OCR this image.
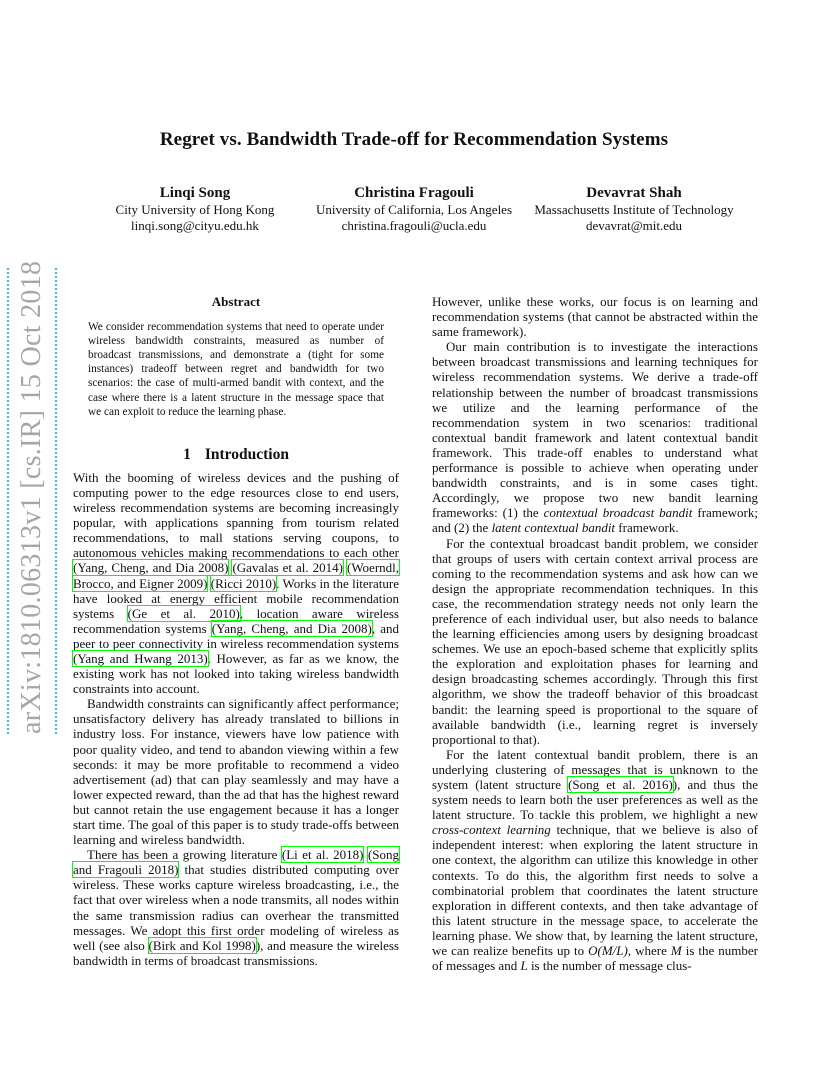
arXiv:1810.06313v1 [cs.IR] 15 Oct 2018
Regret vs. Bandwidth Trade-off for Recommendation Systems
Linqi Song
City University of Hong Kong
linqi.song@cityu.edu.hk
Christina Fragouli
University of California, Los Angeles
christina.fragouli@ucla.edu
Devavrat Shah
Massachusetts Institute of Technology
devavrat@mit.edu
Abstract
We consider recommendation systems that need to operate under wireless bandwidth constraints, measured as number of broadcast transmissions, and demonstrate a (tight for some instances) tradeoff between regret and bandwidth for two scenarios: the case of multi-armed bandit with context, and the case where there is a latent structure in the message space that we can exploit to reduce the learning phase.
1 Introduction

With the booming of wireless devices and the pushing of computing power to the edge resources close to end users, wireless recommendation systems are becoming increasingly popular, with applications spanning from tourism related recommendations, to mall stations serving coupons, to autonomous vehicles making recommendations to each other (Yang, Cheng, and Dia 2008) (Gavalas et al. 2014) (Woerndl, Brocco, and Eigner 2009) (Ricci 2010). Works in the literature have looked at energy efficient mobile recommendation systems (Ge et al. 2010), location aware wireless recommendation systems (Yang, Cheng, and Dia 2008), and peer to peer connectivity in wireless recommendation systems (Yang and Hwang 2013). However, as far as we know, the existing work has not looked into taking wireless bandwidth constraints into account.

Bandwidth constraints can significantly affect performance; unsatisfactory delivery has already translated to billions in industry loss. For instance, viewers have low patience with poor quality video, and tend to abandon viewing within a few seconds: it may be more profitable to recommend a video advertisement (ad) that can play seamlessly and may have a lower expected reward, than the ad that has the highest reward but cannot retain the use engagement because it has a longer start time. The goal of this paper is to study trade-offs between learning and wireless bandwidth.

There has been a growing literature (Li et al. 2018) (Song and Fragouli 2018) that studies distributed computing over wireless. These works capture wireless broadcasting, i.e., the fact that over wireless when a node transmits, all nodes within the same transmission radius can overhear the transmitted messages. We adopt this first order modeling of wireless as well (see also (Birk and Kol 1998)), and measure the wireless bandwidth in terms of broadcast transmissions.

However, unlike these works, our focus is on learning and recommendation systems (that cannot be abstracted within the same framework).

Our main contribution is to investigate the interactions between broadcast transmissions and learning techniques for wireless recommendation systems. We derive a trade-off relationship between the number of broadcast transmissions we utilize and the learning performance of the recommendation system in two scenarios: traditional contextual bandit framework and latent contextual bandit framework. This trade-off enables to understand what performance is possible to achieve when operating under bandwidth constraints, and is in some cases tight. Accordingly, we propose two new bandit learning frameworks: (1) the contextual broadcast bandit framework; and (2) the latent contextual bandit framework.

For the contextual broadcast bandit problem, we consider that groups of users with certain context arrival process are coming to the recommendation systems and ask how can we design the appropriate recommendation techniques. In this case, the recommendation strategy needs not only learn the preference of each individual user, but also needs to balance the learning efficiencies among users by designing broadcast schemes. We use an epoch-based scheme that explicitly splits the exploration and exploitation phases for learning and design broadcasting schemes accordingly. Through this first algorithm, we show the tradeoff behavior of this broadcast bandit: the learning speed is proportional to the square of available bandwidth (i.e., learning regret is inversely proportional to that).

For the latent contextual bandit problem, there is an underlying clustering of messages that is unknown to the system (latent structure (Song et al. 2016)), and thus the system needs to learn both the user preferences as well as the latent structure. To tackle this problem, we highlight a new cross-context learning technique, that we believe is also of independent interest: when exploring the latent structure in one context, the algorithm can utilize this knowledge in other contexts. To do this, the algorithm first needs to solve a combinatorial problem that coordinates the latent structure exploration in different contexts, and then take advantage of this latent structure in the message space, to accelerate the learning phase. We show that, by learning the latent structure, we can realize benefits up to O(M/L), where M is the number of messages and L is the number of message clus-
